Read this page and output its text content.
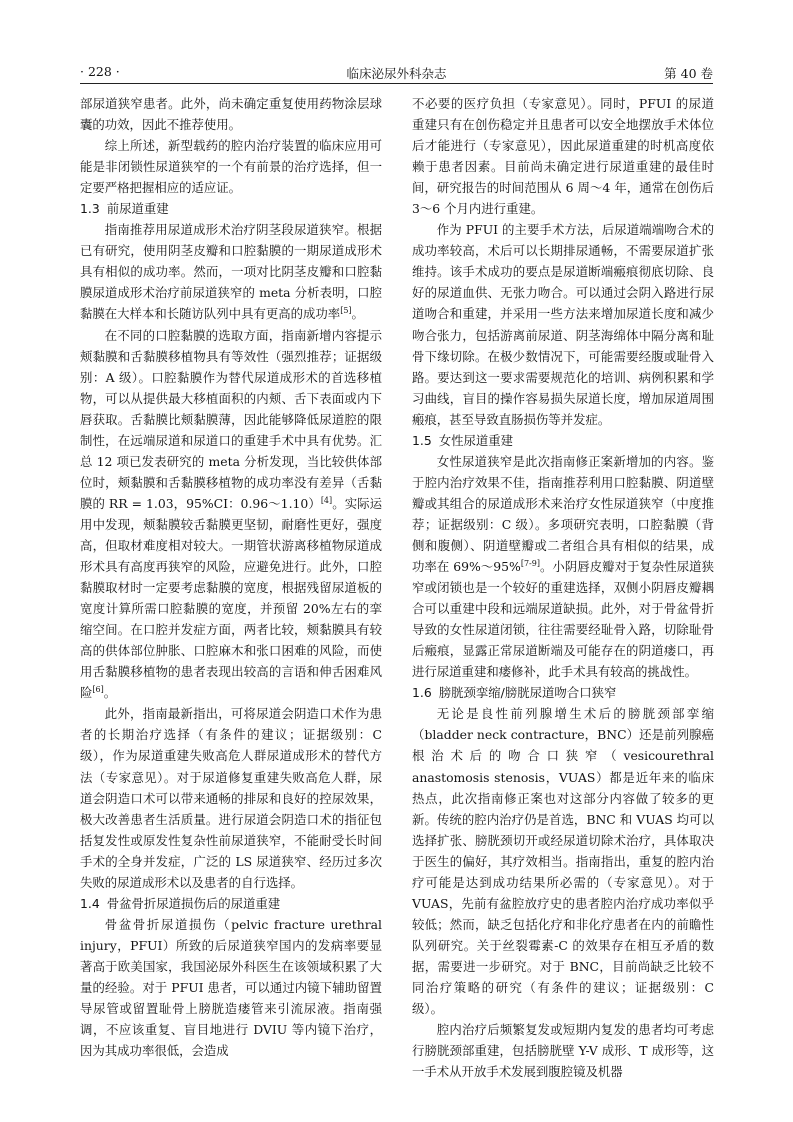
· 228 ·	临床泌尿外科杂志	第 40 卷

部尿道狭窄患者。此外，尚未确定重复使用药物涂层球囊的功效，因此不推荐使用。

综上所述，新型载药的腔内治疗装置的临床应用可能是非闭锁性尿道狭窄的一个有前景的治疗选择，但一定要严格把握相应的适应证。

1.3 前尿道重建

指南推荐用尿道成形术治疗阴茎段尿道狭窄。根据已有研究，使用阴茎皮瓣和口腔黏膜的一期尿道成形术具有相似的成功率。然而，一项对比阴茎皮瓣和口腔黏膜尿道成形术治疗前尿道狭窄的 meta 分析表明，口腔黏膜在大样本和长随访队列中具有更高的成功率[5]。

在不同的口腔黏膜的选取方面，指南新增内容提示颊黏膜和舌黏膜移植物具有等效性（强烈推荐；证据级别：A 级）。口腔黏膜作为替代尿道成形术的首选移植物，可以从提供最大移植面积的内颊、舌下表面或内下唇获取。舌黏膜比颊黏膜薄，因此能够降低尿道腔的限制性，在远端尿道和尿道口的重建手术中具有优势。汇总 12 项已发表研究的 meta 分析发现，当比较供体部位时，颊黏膜和舌黏膜移植物的成功率没有差异（舌黏膜的 RR = 1.03，95%CI：0.96～1.10）[4]。实际运用中发现，颊黏膜较舌黏膜更坚韧，耐磨性更好，强度高，但取材难度相对较大。一期管状游离移植物尿道成形术具有高度再狭窄的风险，应避免进行。此外，口腔黏膜取材时一定要考虑黏膜的宽度，根据残留尿道板的宽度计算所需口腔黏膜的宽度，并预留 20%左右的挛缩空间。在口腔并发症方面，两者比较，颊黏膜具有较高的供体部位肿胀、口腔麻木和张口困难的风险，而使用舌黏膜移植物的患者表现出较高的言语和伸舌困难风险[6]。

此外，指南最新指出，可将尿道会阴造口术作为患者的长期治疗选择（有条件的建议；证据级别：C 级），作为尿道重建失败高危人群尿道成形术的替代方法（专家意见）。对于尿道修复重建失败高危人群，尿道会阴造口术可以带来通畅的排尿和良好的控尿效果，极大改善患者生活质量。进行尿道会阴造口术的指征包括复发性或原发性复杂性前尿道狭窄，不能耐受长时间手术的全身并发症，广泛的 LS 尿道狭窄、经历过多次失败的尿道成形术以及患者的自行选择。

1.4 骨盆骨折尿道损伤后的尿道重建

骨盆骨折尿道损伤（pelvic fracture urethral injury，PFUI）所致的后尿道狭窄国内的发病率要显著高于欧美国家，我国泌尿外科医生在该领域积累了大量的经验。对于 PFUI 患者，可以通过内镜下辅助留置导尿管或留置耻骨上膀胱造瘘管来引流尿液。指南强调，不应该重复、盲目地进行 DVIU 等内镜下治疗，因为其成功率很低，会造成

不必要的医疗负担（专家意见）。同时，PFUI 的尿道重建只有在创伤稳定并且患者可以安全地摆放手术体位后才能进行（专家意见），因此尿道重建的时机高度依赖于患者因素。目前尚未确定进行尿道重建的最佳时间，研究报告的时间范围从 6 周～4 年，通常在创伤后 3～6 个月内进行重建。

作为 PFUI 的主要手术方法，后尿道端端吻合术的成功率较高，术后可以长期排尿通畅，不需要尿道扩张维持。该手术成功的要点是尿道断端瘢痕彻底切除、良好的尿道血供、无张力吻合。可以通过会阴入路进行尿道吻合和重建，并采用一些方法来增加尿道长度和减少吻合张力，包括游离前尿道、阴茎海绵体中隔分离和耻骨下缘切除。在极少数情况下，可能需要经腹或耻骨入路。要达到这一要求需要规范化的培训、病例积累和学习曲线，盲目的操作容易损失尿道长度，增加尿道周围瘢痕，甚至导致直肠损伤等并发症。

1.5 女性尿道重建

女性尿道狭窄是此次指南修正案新增加的内容。鉴于腔内治疗效果不佳，指南推荐利用口腔黏膜、阴道壁瓣或其组合的尿道成形术来治疗女性尿道狭窄（中度推荐；证据级别：C 级）。多项研究表明，口腔黏膜（背侧和腹侧）、阴道壁瓣或二者组合具有相似的结果，成功率在 69%～95%[7-9]。小阴唇皮瓣对于复杂性尿道狭窄或闭锁也是一个较好的重建选择，双侧小阴唇皮瓣耦合可以重建中段和远端尿道缺损。此外，对于骨盆骨折导致的女性尿道闭锁，往往需要经耻骨入路，切除耻骨后瘢痕，显露正常尿道断端及可能存在的阴道瘘口，再进行尿道重建和瘘修补，此手术具有较高的挑战性。

1.6 膀胱颈挛缩/膀胱尿道吻合口狭窄

无论是良性前列腺增生术后的膀胱颈部挛缩（bladder neck contracture，BNC）还是前列腺癌根治术后的吻合口狭窄（vesicourethral anastomosis stenosis，VUAS）都是近年来的临床热点，此次指南修正案也对这部分内容做了较多的更新。传统的腔内治疗仍是首选，BNC 和 VUAS 均可以选择扩张、膀胱颈切开或经尿道切除术治疗，具体取决于医生的偏好，其疗效相当。指南指出，重复的腔内治疗可能是达到成功结果所必需的（专家意见）。对于 VUAS，先前有盆腔放疗史的患者腔内治疗成功率似乎较低；然而，缺乏包括化疗和非化疗患者在内的前瞻性队列研究。关于丝裂霉素-C 的效果存在相互矛盾的数据，需要进一步研究。对于 BNC，目前尚缺乏比较不同治疗策略的研究（有条件的建议；证据级别：C 级）。

腔内治疗后频繁复发或短期内复发的患者均可考虑行膀胱颈部重建，包括膀胱壁 Y-V 成形、T 成形等，这一手术从开放手术发展到腹腔镜及机器
